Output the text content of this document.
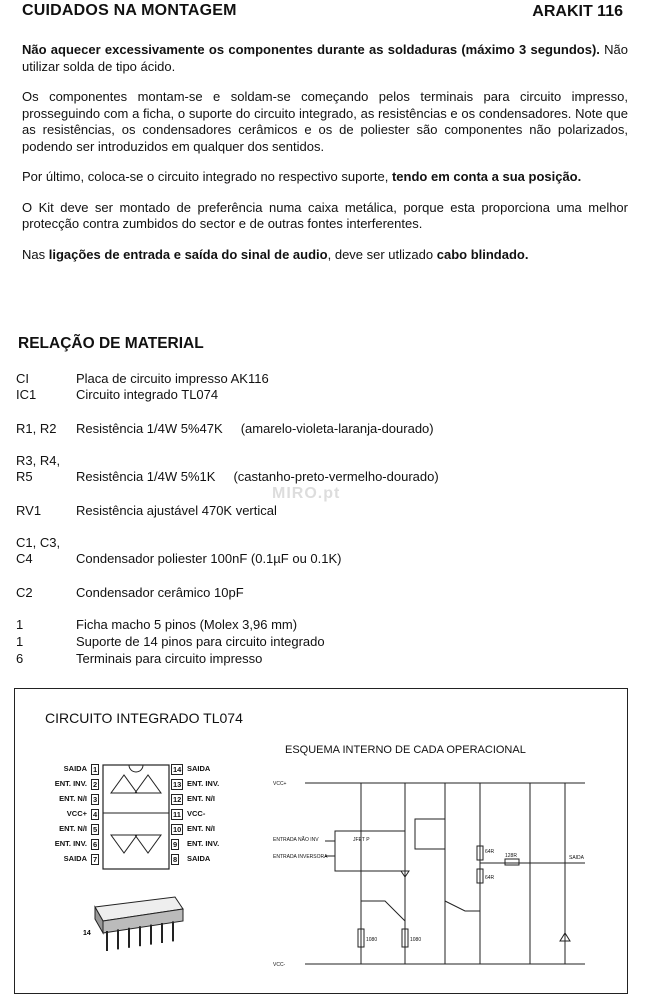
CUIDADOS NA MONTAGEM	ARAKIT 116

Não aquecer excessivamente os componentes durante as soldaduras (máximo 3 segundos). Não utilizar solda de tipo ácido.

Os componentes montam-se e soldam-se começando pelos terminais para circuito impresso, prosseguindo com a ficha, o suporte do circuito integrado, as resistências e os condensadores. Note que as resistências, os condensadores cerâmicos e os de poliester são componentes não polarizados, podendo ser introduzidos em qualquer dos sentidos.

Por último, coloca-se o circuito integrado no respectivo suporte, tendo em conta a sua posição.

O Kit deve ser montado de preferência numa caixa metálica, porque esta proporciona uma melhor protecção contra zumbidos do sector e de outras fontes interferentes.

Nas ligações de entrada e saída do sinal de audio, deve ser utlizado cabo blindado.

RELAÇÃO DE MATERIAL
CI	Placa de circuito impresso AK116
IC1	Circuito integrado TL074
R1, R2	Resistência 1/4W 5%47K (amarelo-violeta-laranja-dourado)
R3, R4,
R5	Resistência 1/4W 5%1K (castanho-preto-vermelho-dourado)
RV1	Resistência ajustável 470K vertical
C1, C3,
C4	Condensador poliester 100nF (0.1µF ou 0.1K)
C2	Condensador cerâmico 10pF
1	Ficha macho 5 pinos (Molex 3,96 mm)
1	Suporte de 14 pinos para circuito integrado
6	Terminais para circuito impresso
MIRO.pt
CIRCUITO INTEGRADO TL074
ESQUEMA INTERNO DE CADA OPERACIONAL
SAIDA 1	14 SAIDA
ENT. INV. 2	13 ENT. INV.
ENT. N/I 3	12 ENT. N/I
VCC+ 4	11 VCC-
ENT. N/I 5	10 ENT. N/I
ENT. INV. 6	9 ENT. INV.
SAIDA 7	8 SAIDA
VCC+
VCC-
ENTRADA NÃO INV
ENTRADA INVERSORA
JFET P
SAIDA
64R
64R
128R
1080	1080
14
